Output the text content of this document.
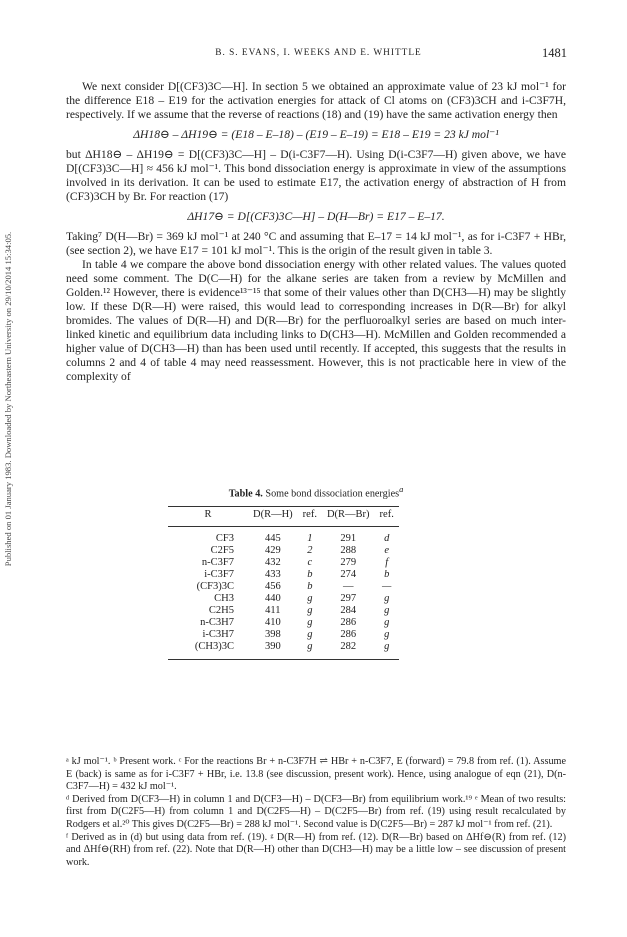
Published on 01 January 1983. Downloaded by Northeastern University on 29/10/2014 15:34:05.
B. S. EVANS, I. WEEKS AND E. WHITTLE	1481

We next consider D[(CF3)3C—H]. In section 5 we obtained an approximate value of 23 kJ mol⁻¹ for the difference E18 – E19 for the activation energies for attack of Cl atoms on (CF3)3CH and i-C3F7H, respectively. If we assume that the reverse of reactions (18) and (19) have the same activation energy then

ΔH18⊖ – ΔH19⊖ = (E18 – E–18) – (E19 – E–19) = E18 – E19 = 23 kJ mol⁻¹

but ΔH18⊖ – ΔH19⊖ = D[(CF3)3C—H] – D(i-C3F7—H). Using D(i-C3F7—H) given above, we have D[(CF3)3C—H] ≈ 456 kJ mol⁻¹. This bond dissociation energy is approximate in view of the assumptions involved in its derivation. It can be used to estimate E17, the activation energy of abstraction of H from (CF3)3CH by Br. For reaction (17)

ΔH17⊖ = D[(CF3)3C—H] – D(H—Br) = E17 – E–17.

Taking⁷ D(H—Br) = 369 kJ mol⁻¹ at 240 °C and assuming that E–17 = 14 kJ mol⁻¹, as for i-C3F7 + HBr, (see section 2), we have E17 = 101 kJ mol⁻¹. This is the origin of the result given in table 3.

In table 4 we compare the above bond dissociation energy with other related values. The values quoted need some comment. The D(C—H) for the alkane series are taken from a review by McMillen and Golden.¹² However, there is evidence¹³⁻¹⁵ that some of their values other than D(CH3—H) may be slightly low. If these D(R—H) were raised, this would lead to corresponding increases in D(R—Br) for alkyl bromides. The values of D(R—H) and D(R—Br) for the perfluoroalkyl series are based on much inter-linked kinetic and equilibrium data including links to D(CH3—H). McMillen and Golden recommended a higher value of D(CH3—H) than has been used until recently. If accepted, this suggests that the results in columns 2 and 4 of table 4 may need reassessment. However, this is not practicable here in view of the complexity of

Table 4. Some bond dissociation energies$^a$
R	D(R—H)	ref.	D(R—Br)	ref.
CF3	445	1	291	d
C2F5	429	2	288	e
n-C3F7	432	c	279	f
i-C3F7	433	b	274	b
(CF3)3C	456	b	—	—
CH3	440	g	297	g
C2H5	411	g	284	g
n-C3H7	410	g	286	g
i-C3H7	398	g	286	g
(CH3)3C	390	g	282	g
ᵃ kJ mol⁻¹. ᵇ Present work. ᶜ For the reactions Br + n-C3F7H ⇌ HBr + n-C3F7, E (forward) = 79.8 from ref. (1). Assume E (back) is same as for i-C3F7 + HBr, i.e. 13.8 (see discussion, present work). Hence, using analogue of eqn (21), D(n-C3F7—H) = 432 kJ mol⁻¹.
ᵈ Derived from D(CF3—H) in column 1 and D(CF3—H) – D(CF3—Br) from equilibrium work.¹⁹ ᵉ Mean of two results: first from D(C2F5—H) from column 1 and D(C2F5—H) – D(C2F5—Br) from ref. (19) using result recalculated by Rodgers et al.²⁰ This gives D(C2F5—Br) = 288 kJ mol⁻¹. Second value is D(C2F5—Br) = 287 kJ mol⁻¹ from ref. (21).
ᶠ Derived as in (d) but using data from ref. (19). ᵍ D(R—H) from ref. (12). D(R—Br) based on ΔHf⊖(R) from ref. (12) and ΔHf⊖(RH) from ref. (22). Note that D(R—H) other than D(CH3—H) may be a little low – see discussion of present work.
